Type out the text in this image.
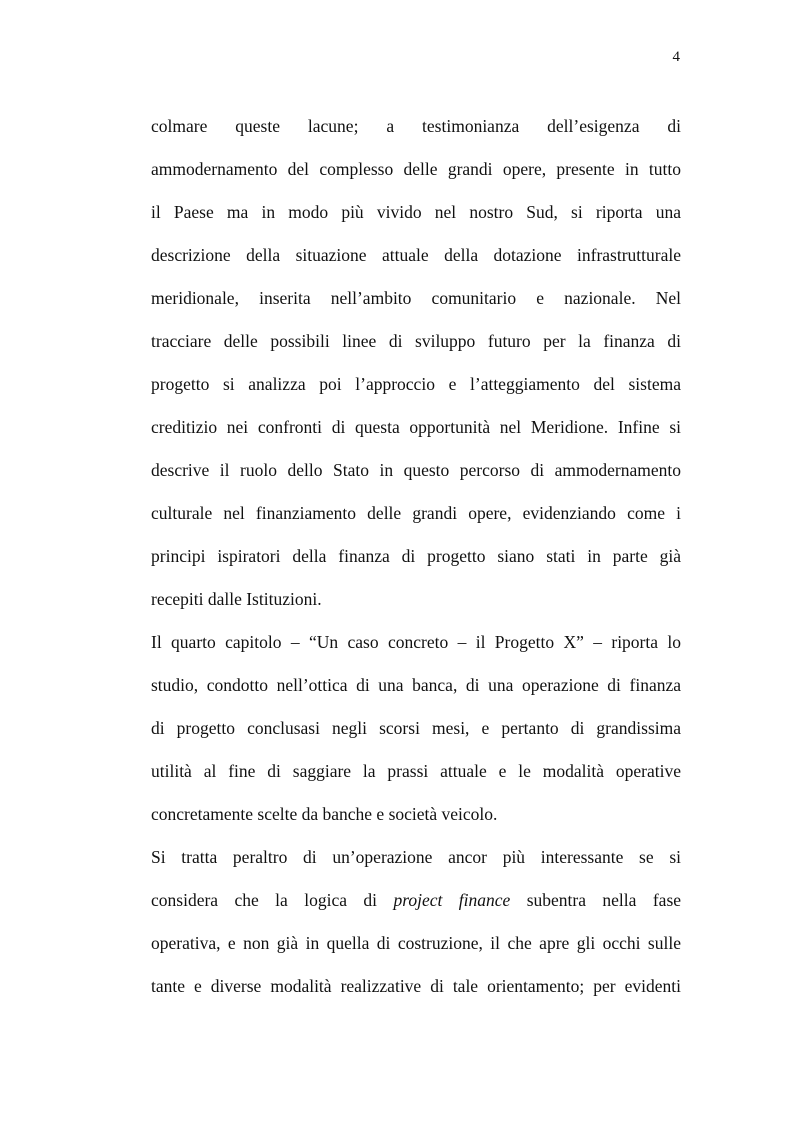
4
colmare queste lacune; a testimonianza dell’esigenza di
ammodernamento del complesso delle grandi opere, presente in tutto
il Paese ma in modo più vivido nel nostro Sud, si riporta una
descrizione della situazione attuale della dotazione infrastrutturale
meridionale, inserita nell’ambito comunitario e nazionale. Nel
tracciare delle possibili linee di sviluppo futuro per la finanza di
progetto si analizza poi l’approccio e l’atteggiamento del sistema
creditizio nei confronti di questa opportunità nel Meridione. Infine si
descrive il ruolo dello Stato in questo percorso di ammodernamento
culturale nel finanziamento delle grandi opere, evidenziando come i
principi ispiratori della finanza di progetto siano stati in parte già
recepiti dalle Istituzioni.
Il quarto capitolo – “Un caso concreto – il Progetto X” – riporta lo
studio, condotto nell’ottica di una banca, di una operazione di finanza
di progetto conclusasi negli scorsi mesi, e pertanto di grandissima
utilità al fine di saggiare la prassi attuale e le modalità operative
concretamente scelte da banche e società veicolo.
Si tratta peraltro di un’operazione ancor più interessante se si
considera che la logica di project finance subentra nella fase
operativa, e non già in quella di costruzione, il che apre gli occhi sulle
tante e diverse modalità realizzative di tale orientamento; per evidenti
